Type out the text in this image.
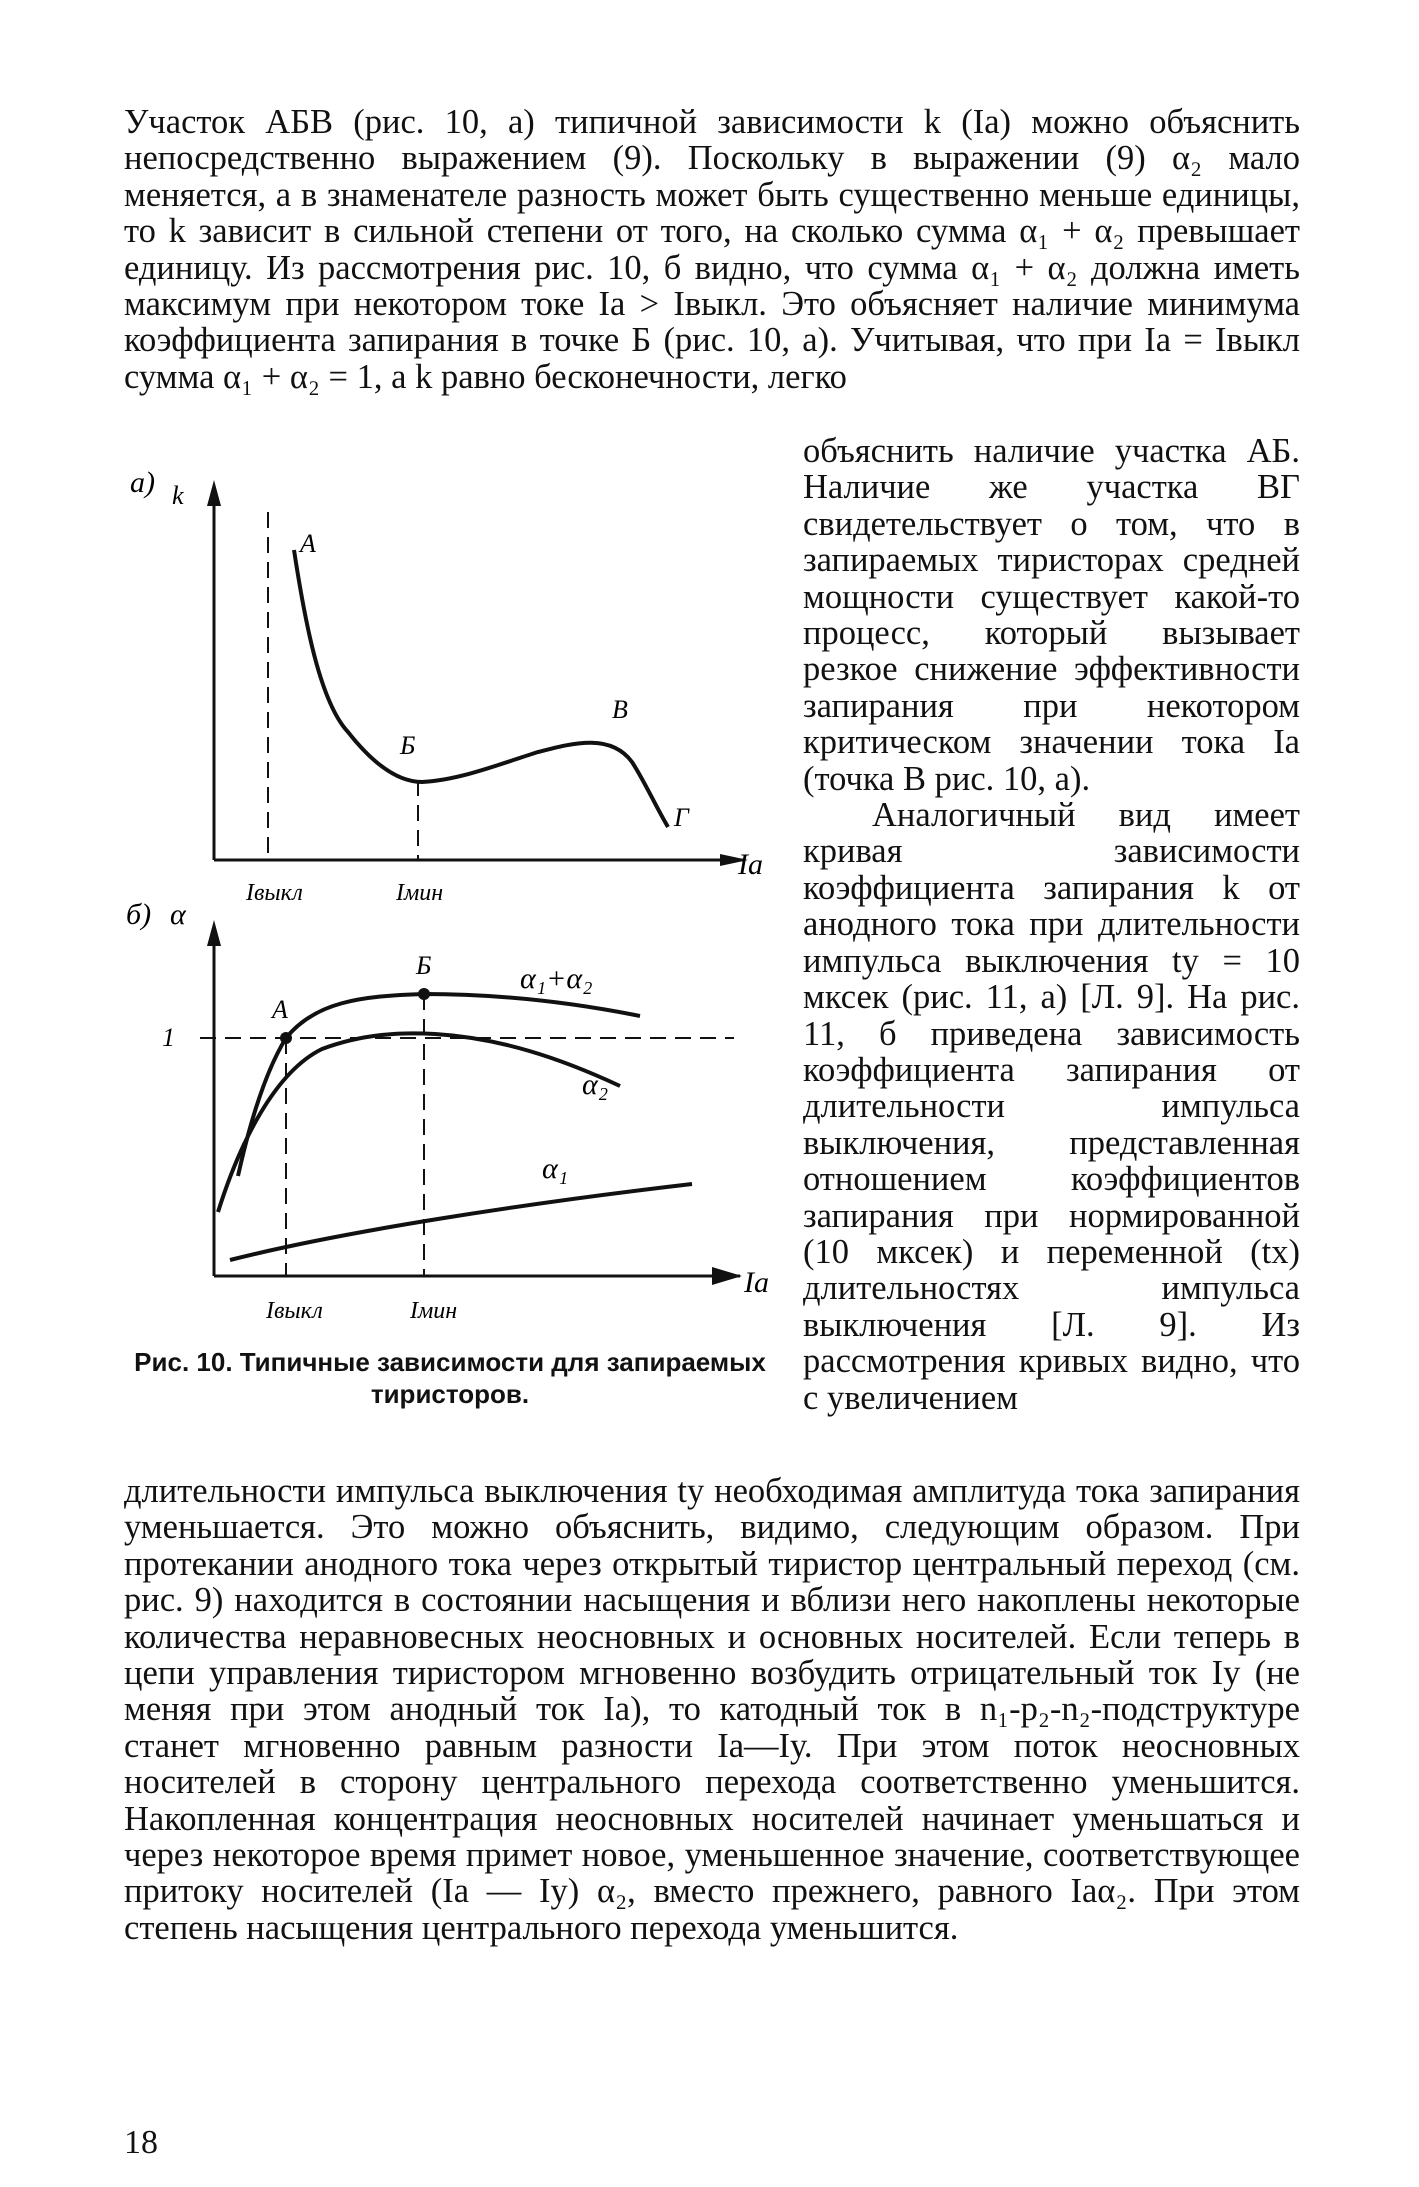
Участок АБВ (рис. 10, а) типичной зависимости k (Iа) можно объяснить непосредственно выражением (9). Поскольку в выражении (9) α₂ мало меняется, а в знаменателе разность может быть существенно меньше единицы, то k зависит в сильной степени от того, на сколько сумма α₁ + α₂ превышает единицу. Из рассмотрения рис. 10, б видно, что сумма α₁ + α₂ должна иметь максимум при некотором токе Iа > Iвыкл. Это объясняет наличие минимума коэффициента запирания в точке Б (рис. 10, а). Учитывая, что при Iа = Iвыкл сумма α₁ + α₂ = 1, а k равно бесконечности, легко

объяснить наличие участка АБ. Наличие же участка ВГ свидетельствует о том, что в запираемых тиристорах средней мощности существует какой-то процесс, который вызывает резкое снижение эффективности запирания при некотором критическом значении тока Iа (точка В рис. 10, а).

Аналогичный вид имеет кривая зависимости коэффициента запирания k от анодного тока при длительности импульса выключения tу = 10 мксек (рис. 11, а) [Л. 9]. На рис. 11, б приведена зависимость коэффициента запирания от длительности импульса выключения, представленная отношением коэффициентов запирания при нормированной (10 мксек) и переменной (tх) длительностях импульса выключения [Л. 9]. Из рассмотрения кривых видно, что с увеличением

а) k
Iа
А
Б
В
Г
Iвыкл	Iмин
б) α
Iа
1
А
Б	α₁+α₂
α₂
α₁
Iвыкл	Iмин
Рис. 10. Типичные зависимости для запираемых тиристоров.

длительности импульса выключения tу необходимая амплитуда тока запирания уменьшается. Это можно объяснить, видимо, следующим образом. При протекании анодного тока через открытый тиристор центральный переход (см. рис. 9) находится в состоянии насыщения и вблизи него накоплены некоторые количества неравновесных неосновных и основных носителей. Если теперь в цепи управления тиристором мгновенно возбудить отрицательный ток Iу (не меняя при этом анодный ток Iа), то катодный ток в n₁-p₂-n₂-подструктуре станет мгновенно равным разности Iа—Iу. При этом поток неосновных носителей в сторону центрального перехода соответственно уменьшится. Накопленная концентрация неосновных носителей начинает уменьшаться и через некоторое время примет новое, уменьшенное значение, соответствующее притоку носителей (Iа — Iу) α₂, вместо прежнего, равного Iаα₂. При этом степень насыщения центрального перехода уменьшится.

18
